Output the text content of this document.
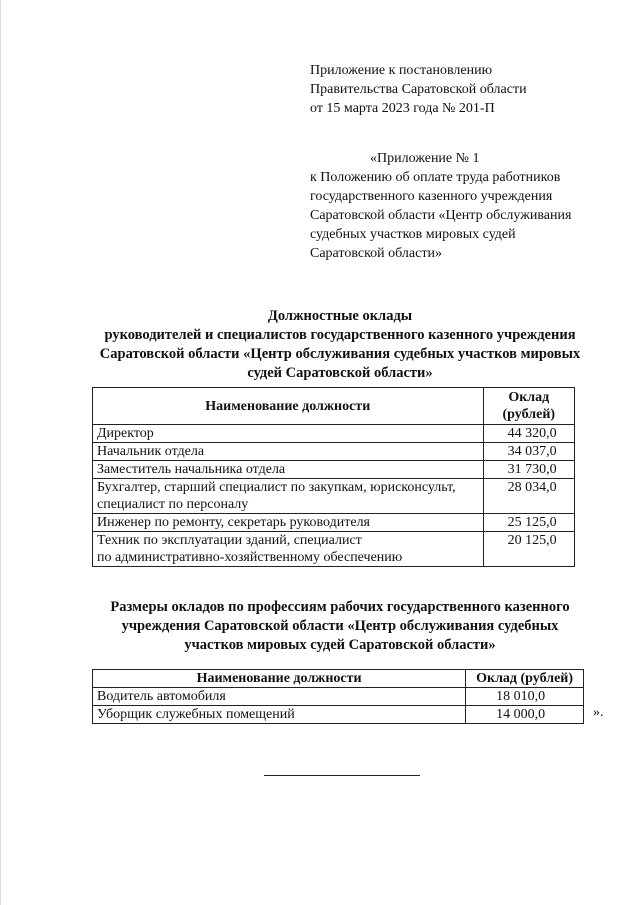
Приложение к постановлению
Правительства Саратовской области
от 15 марта 2023 года № 201-П
«Приложение № 1
к Положению об оплате труда работников
государственного казенного учреждения
Саратовской области «Центр обслуживания
судебных участков мировых судей
Саратовской области»
Должностные оклады
руководителей и специалистов государственного казенного учреждения
Саратовской области «Центр обслуживания судебных участков мировых
судей Саратовской области»
Наименование должности	Оклад
(рублей)

Директор	44 320,0
Начальник отдела	34 037,0
Заместитель начальника отдела	31 730,0

Бухгалтер, старший специалист по закупкам, юрисконсульт,
специалист по персоналу	28 034,0
Инженер по ремонту, секретарь руководителя	25 125,0

Техник по эксплуатации зданий, специалист
по административно-хозяйственному обеспечению	20 125,0
Размеры окладов по профессиям рабочих государственного казенного
учреждения Саратовской области «Центр обслуживания судебных
участков мировых судей Саратовской области»
Наименование должности	Оклад (рублей)
Водитель автомобиля	18 010,0
Уборщик служебных помещений	14 000,0	».
